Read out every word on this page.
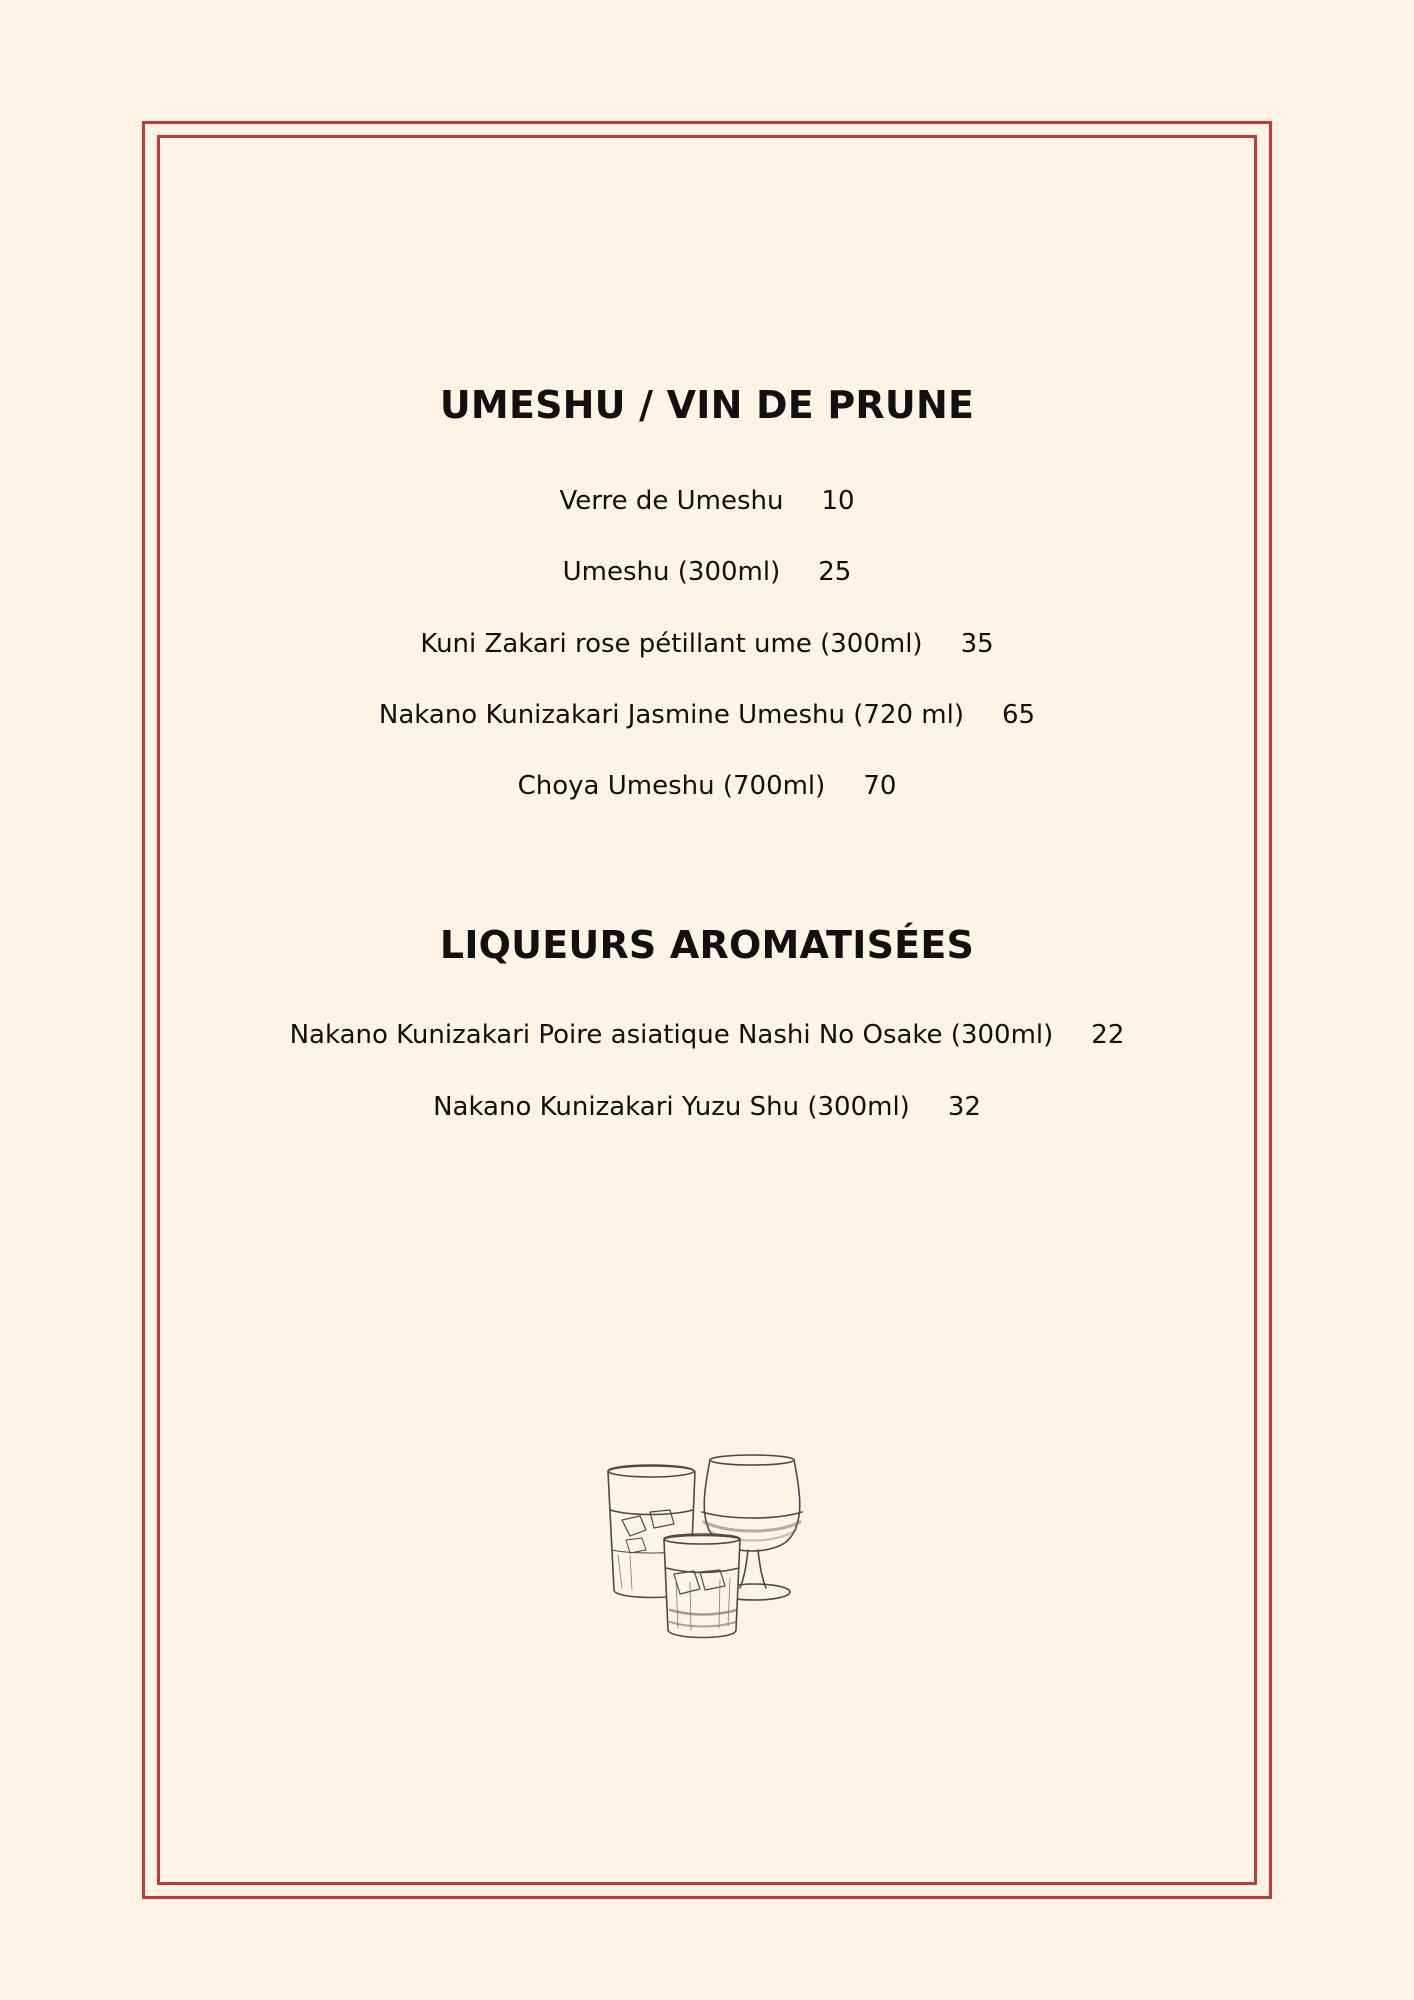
UMESHU / VIN DE PRUNE
Verre de Umeshu 10
Umeshu (300ml) 25
Kuni Zakari rose pétillant ume (300ml) 35
Nakano Kunizakari Jasmine Umeshu (720 ml) 65
Choya Umeshu (700ml) 70
LIQUEURS AROMATISÉES
Nakano Kunizakari Poire asiatique Nashi No Osake (300ml) 22
Nakano Kunizakari Yuzu Shu (300ml) 32
